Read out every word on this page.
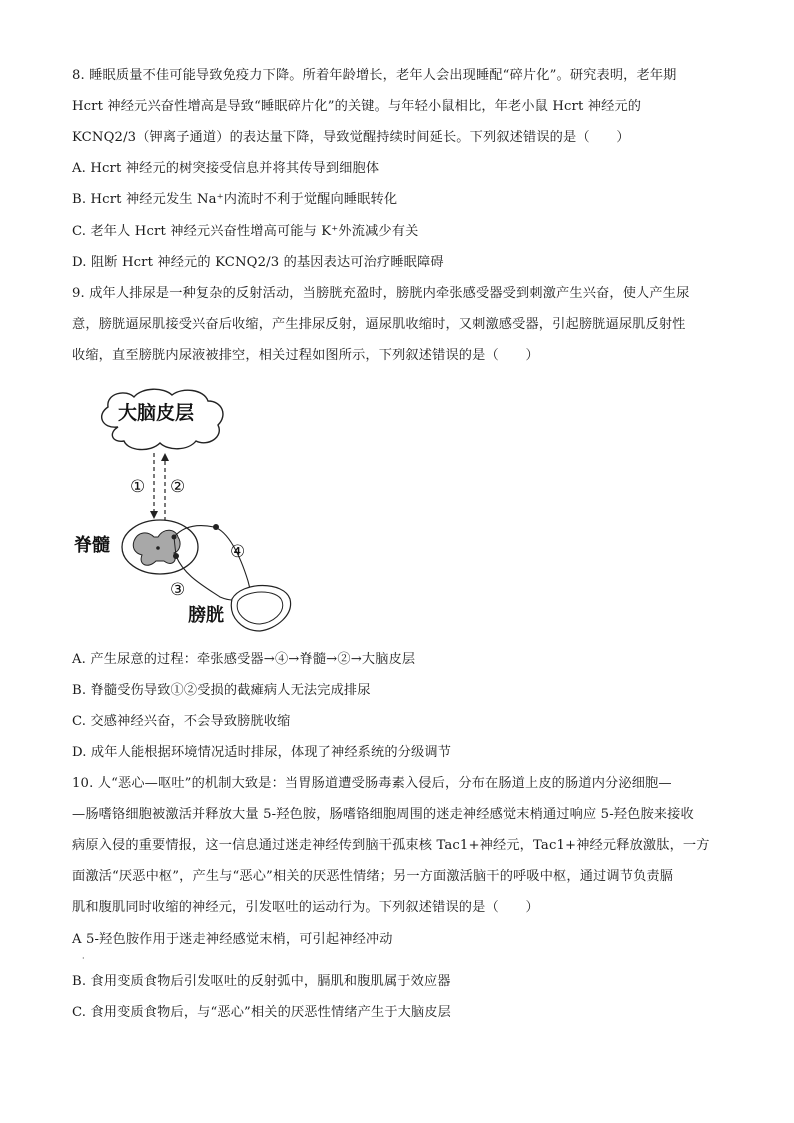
8. 睡眠质量不佳可能导致免疫力下降。所着年龄增长，老年人会出现睡配“碎片化”。研究表明，老年期
Hcrt 神经元兴奋性增高是导致“睡眠碎片化”的关键。与年轻小鼠相比，年老小鼠 Hcrt 神经元的
KCNQ2/3（钾离子通道）的表达量下降，导致觉醒持续时间延长。下列叙述错误的是（　　）
A. Hcrt 神经元的树突接受信息并将其传导到细胞体
B. Hcrt 神经元发生 Na⁺内流时不利于觉醒向睡眠转化
C. 老年人 Hcrt 神经元兴奋性增高可能与 K⁺外流减少有关
D. 阻断 Hcrt 神经元的 KCNQ2/3 的基因表达可治疗睡眠障碍
9. 成年人排尿是一种复杂的反射活动，当膀胱充盈时，膀胱内牵张感受器受到刺激产生兴奋，使人产生尿
意，膀胱逼尿肌接受兴奋后收缩，产生排尿反射，逼尿肌收缩时，又刺激感受器，引起膀胱逼尿肌反射性
收缩，直至膀胱内尿液被排空，相关过程如图所示，下列叙述错误的是（　　）
大脑皮层
① ②
脊髓
③
④
膀胱
A. 产生尿意的过程：牵张感受器→④→脊髓→②→大脑皮层
B. 脊髓受伤导致①②受损的截瘫病人无法完成排尿
C. 交感神经兴奋，不会导致膀胱收缩
D. 成年人能根据环境情况适时排尿，体现了神经系统的分级调节
10. 人“恶心—呕吐”的机制大致是：当胃肠道遭受肠毒素入侵后，分布在肠道上皮的肠道内分泌细胞—
—肠嗜铬细胞被激活并释放大量 5-羟色胺，肠嗜铬细胞周围的迷走神经感觉末梢通过响应 5-羟色胺来接收
病原入侵的重要情报，这一信息通过迷走神经传到脑干孤束核 Tac1+神经元，Tac1+神经元释放激肽，一方
面激活“厌恶中枢”，产生与“恶心”相关的厌恶性情绪；另一方面激活脑干的呼吸中枢，通过调节负责膈
肌和腹肌同时收缩的神经元，引发呕吐的运动行为。下列叙述错误的是（　　）
A 5-羟色胺作用于迷走神经感觉末梢，可引起神经冲动
·
B. 食用变质食物后引发呕吐的反射弧中，膈肌和腹肌属于效应器
C. 食用变质食物后，与“恶心”相关的厌恶性情绪产生于大脑皮层
